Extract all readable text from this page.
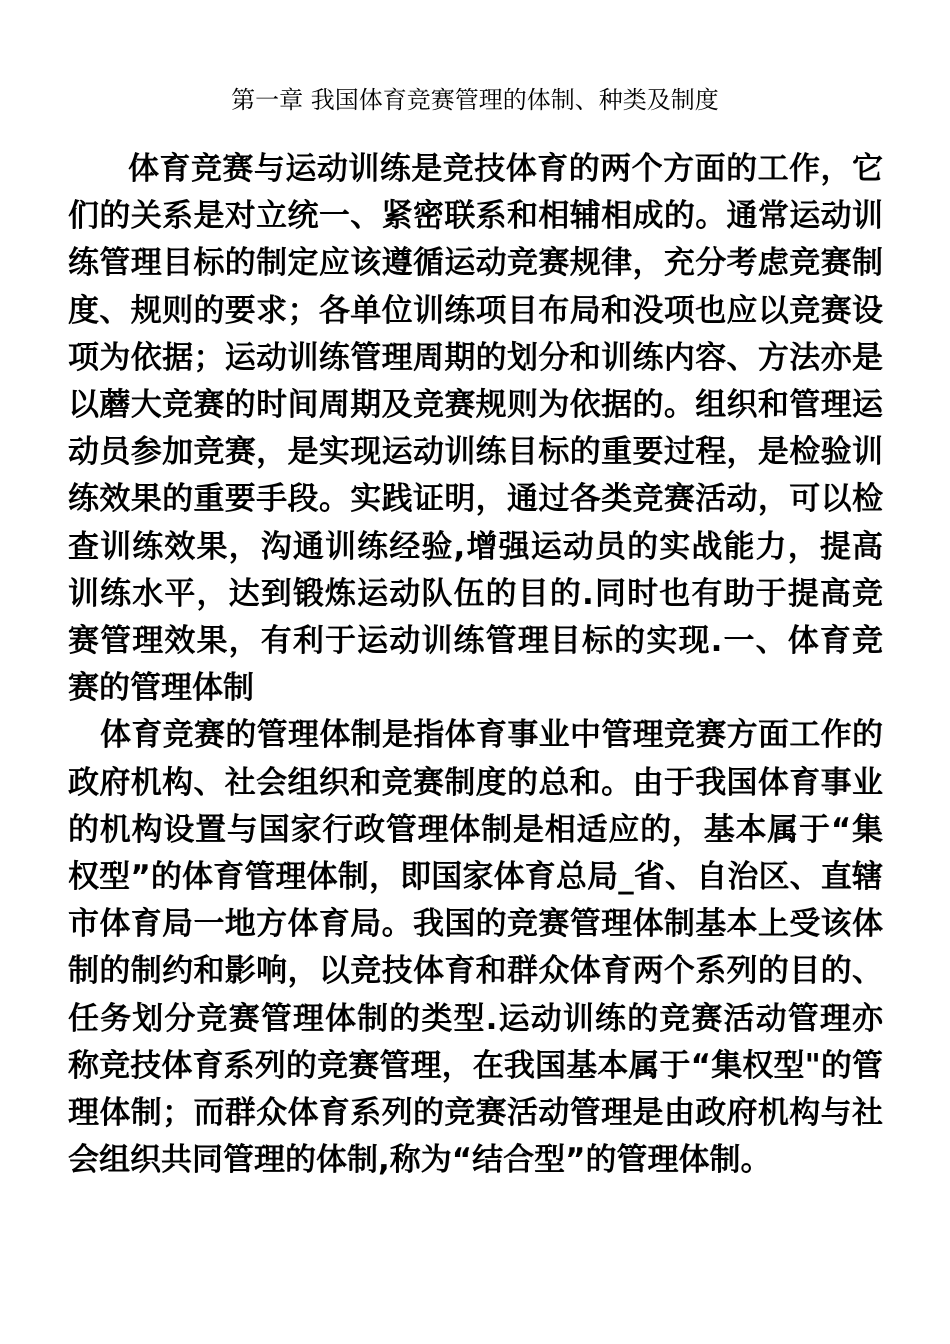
第一章 我国体育竞赛管理的体制、种类及制度

体育竞赛与运动训练是竞技体育的两个方面的工作，它们的关系是对立统一、紧密联系和相辅相成的。通常运动训练管理目标的制定应该遵循运动竞赛规律，充分考虑竞赛制度、规则的要求；各单位训练项目布局和没项也应以竞赛设项为依据；运动训练管理周期的划分和训练内容、方法亦是以蘑大竞赛的时间周期及竞赛规则为依据的。组织和管理运动员参加竞赛，是实现运动训练目标的重要过程，是检验训练效果的重要手段。实践证明，通过各类竞赛活动，可以检查训练效果，沟通训练经验,增强运动员的实战能力，提高训练水平，达到锻炼运动队伍的目的.同时也有助于提高竞赛管理效果，有利于运动训练管理目标的实现.一、体育竞赛的管理体制

体育竞赛的管理体制是指体育事业中管理竞赛方面工作的政府机构、社会组织和竞赛制度的总和。由于我国体育事业的机构设置与国家行政管理体制是相适应的，基本属于“集权型”的体育管理体制，即国家体育总局_省、自治区、直辖市体育局一地方体育局。我国的竞赛管理体制基本上受该体制的制约和影响，以竞技体育和群众体育两个系列的目的、任务划分竞赛管理体制的类型.运动训练的竞赛活动管理亦称竞技体育系列的竞赛管理，在我国基本属于“集权型"的管理体制；而群众体育系列的竞赛活动管理是由政府机构与社会组织共同管理的体制,称为“结合型”的管理体制。
